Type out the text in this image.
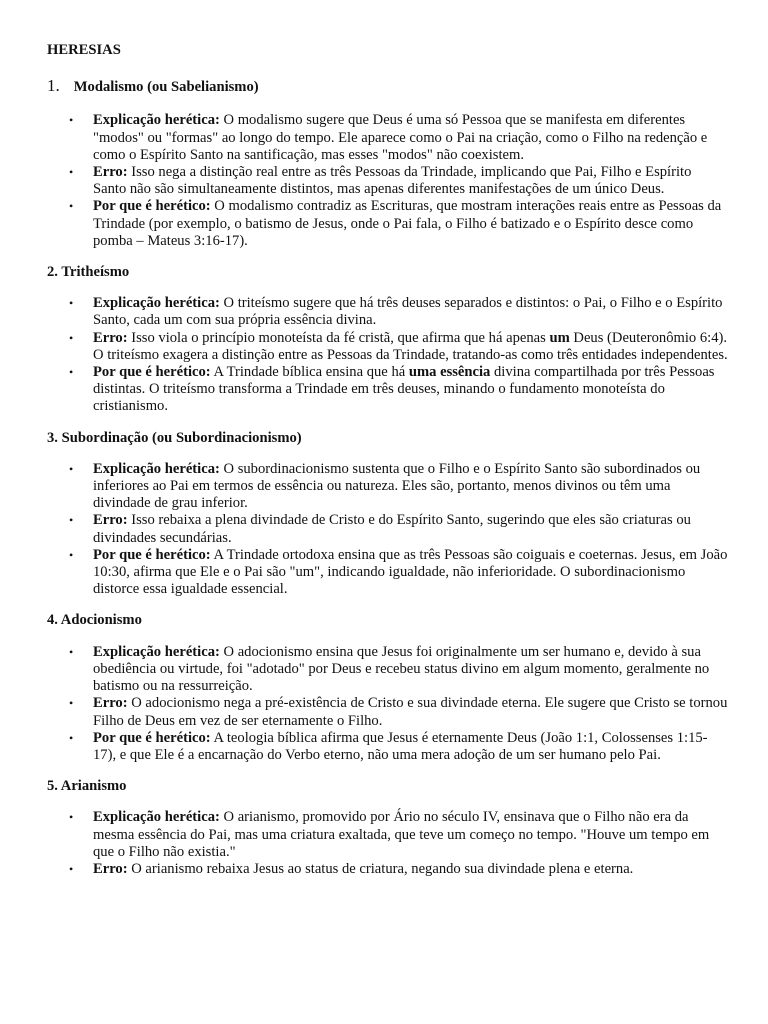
HERESIAS
1. Modalismo (ou Sabelianismo)
• Explicação herética: O modalismo sugere que Deus é uma só Pessoa que se manifesta em diferentes "modos" ou "formas" ao longo do tempo. Ele aparece como o Pai na criação, como o Filho na redenção e como o Espírito Santo na santificação, mas esses "modos" não coexistem.
• Erro: Isso nega a distinção real entre as três Pessoas da Trindade, implicando que Pai, Filho e Espírito Santo não são simultaneamente distintos, mas apenas diferentes manifestações de um único Deus.
• Por que é herético: O modalismo contradiz as Escrituras, que mostram interações reais entre as Pessoas da Trindade (por exemplo, o batismo de Jesus, onde o Pai fala, o Filho é batizado e o Espírito desce como pomba – Mateus 3:16-17).
2. Tritheísmo
• Explicação herética: O triteísmo sugere que há três deuses separados e distintos: o Pai, o Filho e o Espírito Santo, cada um com sua própria essência divina.
• Erro: Isso viola o princípio monoteísta da fé cristã, que afirma que há apenas um Deus (Deuteronômio 6:4). O triteísmo exagera a distinção entre as Pessoas da Trindade, tratando-as como três entidades independentes.
• Por que é herético: A Trindade bíblica ensina que há uma essência divina compartilhada por três Pessoas distintas. O triteísmo transforma a Trindade em três deuses, minando o fundamento monoteísta do cristianismo.
3. Subordinação (ou Subordinacionismo)
• Explicação herética: O subordinacionismo sustenta que o Filho e o Espírito Santo são subordinados ou inferiores ao Pai em termos de essência ou natureza. Eles são, portanto, menos divinos ou têm uma divindade de grau inferior.
• Erro: Isso rebaixa a plena divindade de Cristo e do Espírito Santo, sugerindo que eles são criaturas ou divindades secundárias.
• Por que é herético: A Trindade ortodoxa ensina que as três Pessoas são coiguais e coeternas. Jesus, em João 10:30, afirma que Ele e o Pai são "um", indicando igualdade, não inferioridade. O subordinacionismo distorce essa igualdade essencial.
4. Adocionismo
• Explicação herética: O adocionismo ensina que Jesus foi originalmente um ser humano e, devido à sua obediência ou virtude, foi "adotado" por Deus e recebeu status divino em algum momento, geralmente no batismo ou na ressurreição.
• Erro: O adocionismo nega a pré-existência de Cristo e sua divindade eterna. Ele sugere que Cristo se tornou Filho de Deus em vez de ser eternamente o Filho.
• Por que é herético: A teologia bíblica afirma que Jesus é eternamente Deus (João 1:1, Colossenses 1:15-17), e que Ele é a encarnação do Verbo eterno, não uma mera adoção de um ser humano pelo Pai.
5. Arianismo
• Explicação herética: O arianismo, promovido por Ário no século IV, ensinava que o Filho não era da mesma essência do Pai, mas uma criatura exaltada, que teve um começo no tempo. "Houve um tempo em que o Filho não existia."
• Erro: O arianismo rebaixa Jesus ao status de criatura, negando sua divindade plena e eterna.
